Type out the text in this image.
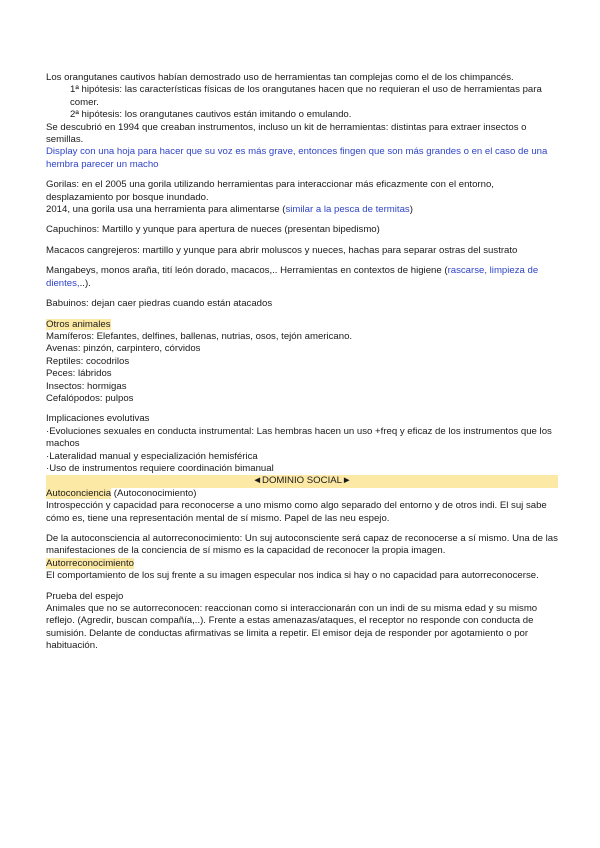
Los orangutanes cautivos habían demostrado uso de herramientas tan complejas como el de los chimpancés.

1ª hipótesis: las características físicas de los orangutanes hacen que no requieran el uso de herramientas para comer.

2ª hipótesis: los orangutanes cautivos están imitando o emulando.

Se descubrió en 1994 que creaban instrumentos, incluso un kit de herramientas: distintas para extraer insectos o semillas.

Display con una hoja para hacer que su voz es más grave, entonces fingen que son más grandes o en el caso de una hembra parecer un macho

Gorilas: en el 2005 una gorila utilizando herramientas para interaccionar más eficazmente con el entorno, desplazamiento por bosque inundado.

2014, una gorila usa una herramienta para alimentarse (similar a la pesca de termitas)

Capuchinos: Martillo y yunque para apertura de nueces (presentan bipedismo)

Macacos cangrejeros: martillo y yunque para abrir moluscos y nueces, hachas para separar ostras del sustrato

Mangabeys, monos araña, tití león dorado, macacos,.. Herramientas en contextos de higiene (rascarse, limpieza de dientes,..).

Babuinos: dejan caer piedras cuando están atacados

Otros animales

Mamíferos: Elefantes, delfines, ballenas, nutrias, osos, tejón americano.

Avenas: pinzón, carpintero, córvidos

Reptiles: cocodrilos

Peces: lábridos

Insectos: hormigas

Cefalópodos: pulpos

Implicaciones evolutivas

·Evoluciones sexuales en conducta instrumental: Las hembras hacen un uso +freq y eficaz de los instrumentos que los machos

·Lateralidad manual y especialización hemisférica

·Uso de instrumentos requiere coordinación bimanual

◄DOMINIO SOCIAL►

Autoconciencia (Autoconocimiento)

Introspección y capacidad para reconocerse a uno mismo como algo separado del entorno y de otros indi. El suj sabe cómo es, tiene una representación mental de sí mismo. Papel de las neu espejo.

De la autoconsciencia al autorreconocimiento: Un suj autoconsciente será capaz de reconocerse a sí mismo. Una de las manifestaciones de la conciencia de sí mismo es la capacidad de reconocer la propia imagen.

Autorreconocimiento

El comportamiento de los suj frente a su imagen especular nos indica si hay o no capacidad para autorreconocerse.

Prueba del espejo

Animales que no se autorreconocen: reaccionan como si interaccionarán con un indi de su misma edad y su mismo reflejo. (Agredir, buscan compañía,..). Frente a estas amenazas/ataques, el receptor no responde con conducta de sumisión. Delante de conductas afirmativas se limita a repetir. El emisor deja de responder por agotamiento o por habituación.
